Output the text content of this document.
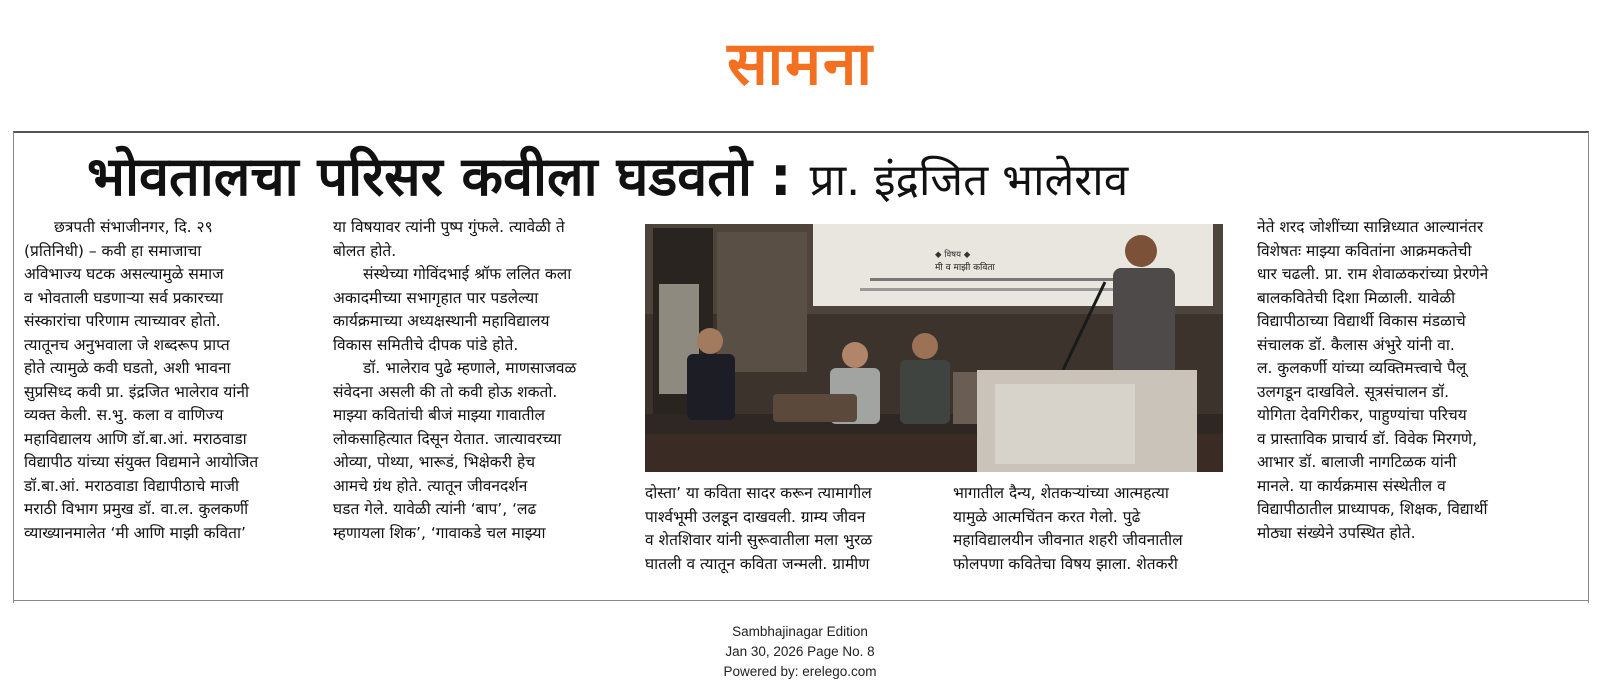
सामना
भोवतालचा परिसर कवीला घडवतो : प्रा. इंद्रजित भालेराव

छत्रपती संभाजीनगर, दि. २९

(प्रतिनिधी) – कवी हा समाजाचा

अविभाज्य घटक असल्यामुळे समाज

व भोवताली घडणाऱ्या सर्व प्रकारच्या

संस्कारांचा परिणाम त्याच्यावर होतो.

त्यातूनच अनुभवाला जे शब्दरूप प्राप्त

होते त्यामुळे कवी घडतो, अशी भावना

सुप्रसिध्द कवी प्रा. इंद्रजित भालेराव यांनी

व्यक्त केली. स.भु. कला व वाणिज्य

महाविद्यालय आणि डॉ.बा.आं. मराठवाडा

विद्यापीठ यांच्या संयुक्त विद्यमाने आयोजित

डॉ.बा.आं. मराठवाडा विद्यापीठाचे माजी

मराठी विभाग प्रमुख डॉ. वा.ल. कुलकर्णी

व्याख्यानमालेत ‘मी आणि माझी कविता’

या विषयावर त्यांनी पुष्प गुंफले. त्यावेळी ते

बोलत होते.

संस्थेच्या गोविंदभाई श्रॉफ ललित कला

अकादमीच्या सभागृहात पार पडलेल्या

कार्यक्रमाच्या अध्यक्षस्थानी महाविद्यालय

विकास समितीचे दीपक पांडे होते.

डॉ. भालेराव पुढे म्हणाले, माणसाजवळ

संवेदना असली की तो कवी होऊ शकतो.

माझ्या कवितांची बीजं माझ्या गावातील

लोकसाहित्यात दिसून येतात. जात्यावरच्या

ओव्या, पोथ्या, भारूडं, भिक्षेकरी हेच

आमचे ग्रंथ होते. त्यातून जीवनदर्शन

घडत गेले. यावेळी त्यांनी ‘बाप’, ‘लढ

म्हणायला शिक’, ‘गावाकडे चल माझ्या

◆ विषय ◆
मी व माझी कविता

दोस्ता’ या कविता सादर करून त्यामागील

पार्श्वभूमी उलडून दाखवली. ग्राम्य जीवन

व शेतशिवार यांनी सुरूवातीला मला भुरळ

घातली व त्यातून कविता जन्मली. ग्रामीण

भागातील दैन्य, शेतकऱ्यांच्या आत्महत्या

यामुळे आत्मचिंतन करत गेलो. पुढे

महाविद्यालयीन जीवनात शहरी जीवनातील

फोलपणा कवितेचा विषय झाला. शेतकरी

नेते शरद जोशींच्या सान्निध्यात आल्यानंतर

विशेषतः माझ्या कवितांना आक्रमकतेची

धार चढली. प्रा. राम शेवाळकरांच्या प्रेरणेने

बालकवितेची दिशा मिळाली. यावेळी

विद्यापीठाच्या विद्यार्थी विकास मंडळाचे

संचालक डॉ. कैलास अंभुरे यांनी वा.

ल. कुलकर्णी यांच्या व्यक्तिमत्त्वाचे पैलू

उलगडून दाखविले. सूत्रसंचालन डॉ.

योगिता देवगिरीकर, पाहुण्यांचा परिचय

व प्रास्ताविक प्राचार्य डॉ. विवेक मिरगणे,

आभार डॉ. बालाजी नागटिळक यांनी

मानले. या कार्यक्रमास संस्थेतील व

विद्यापीठातील प्राध्यापक, शिक्षक, विद्यार्थी

मोठ्या संख्येने उपस्थित होते.

Sambhajinagar Edition
Jan 30, 2026 Page No. 8
Powered by: erelego.com
